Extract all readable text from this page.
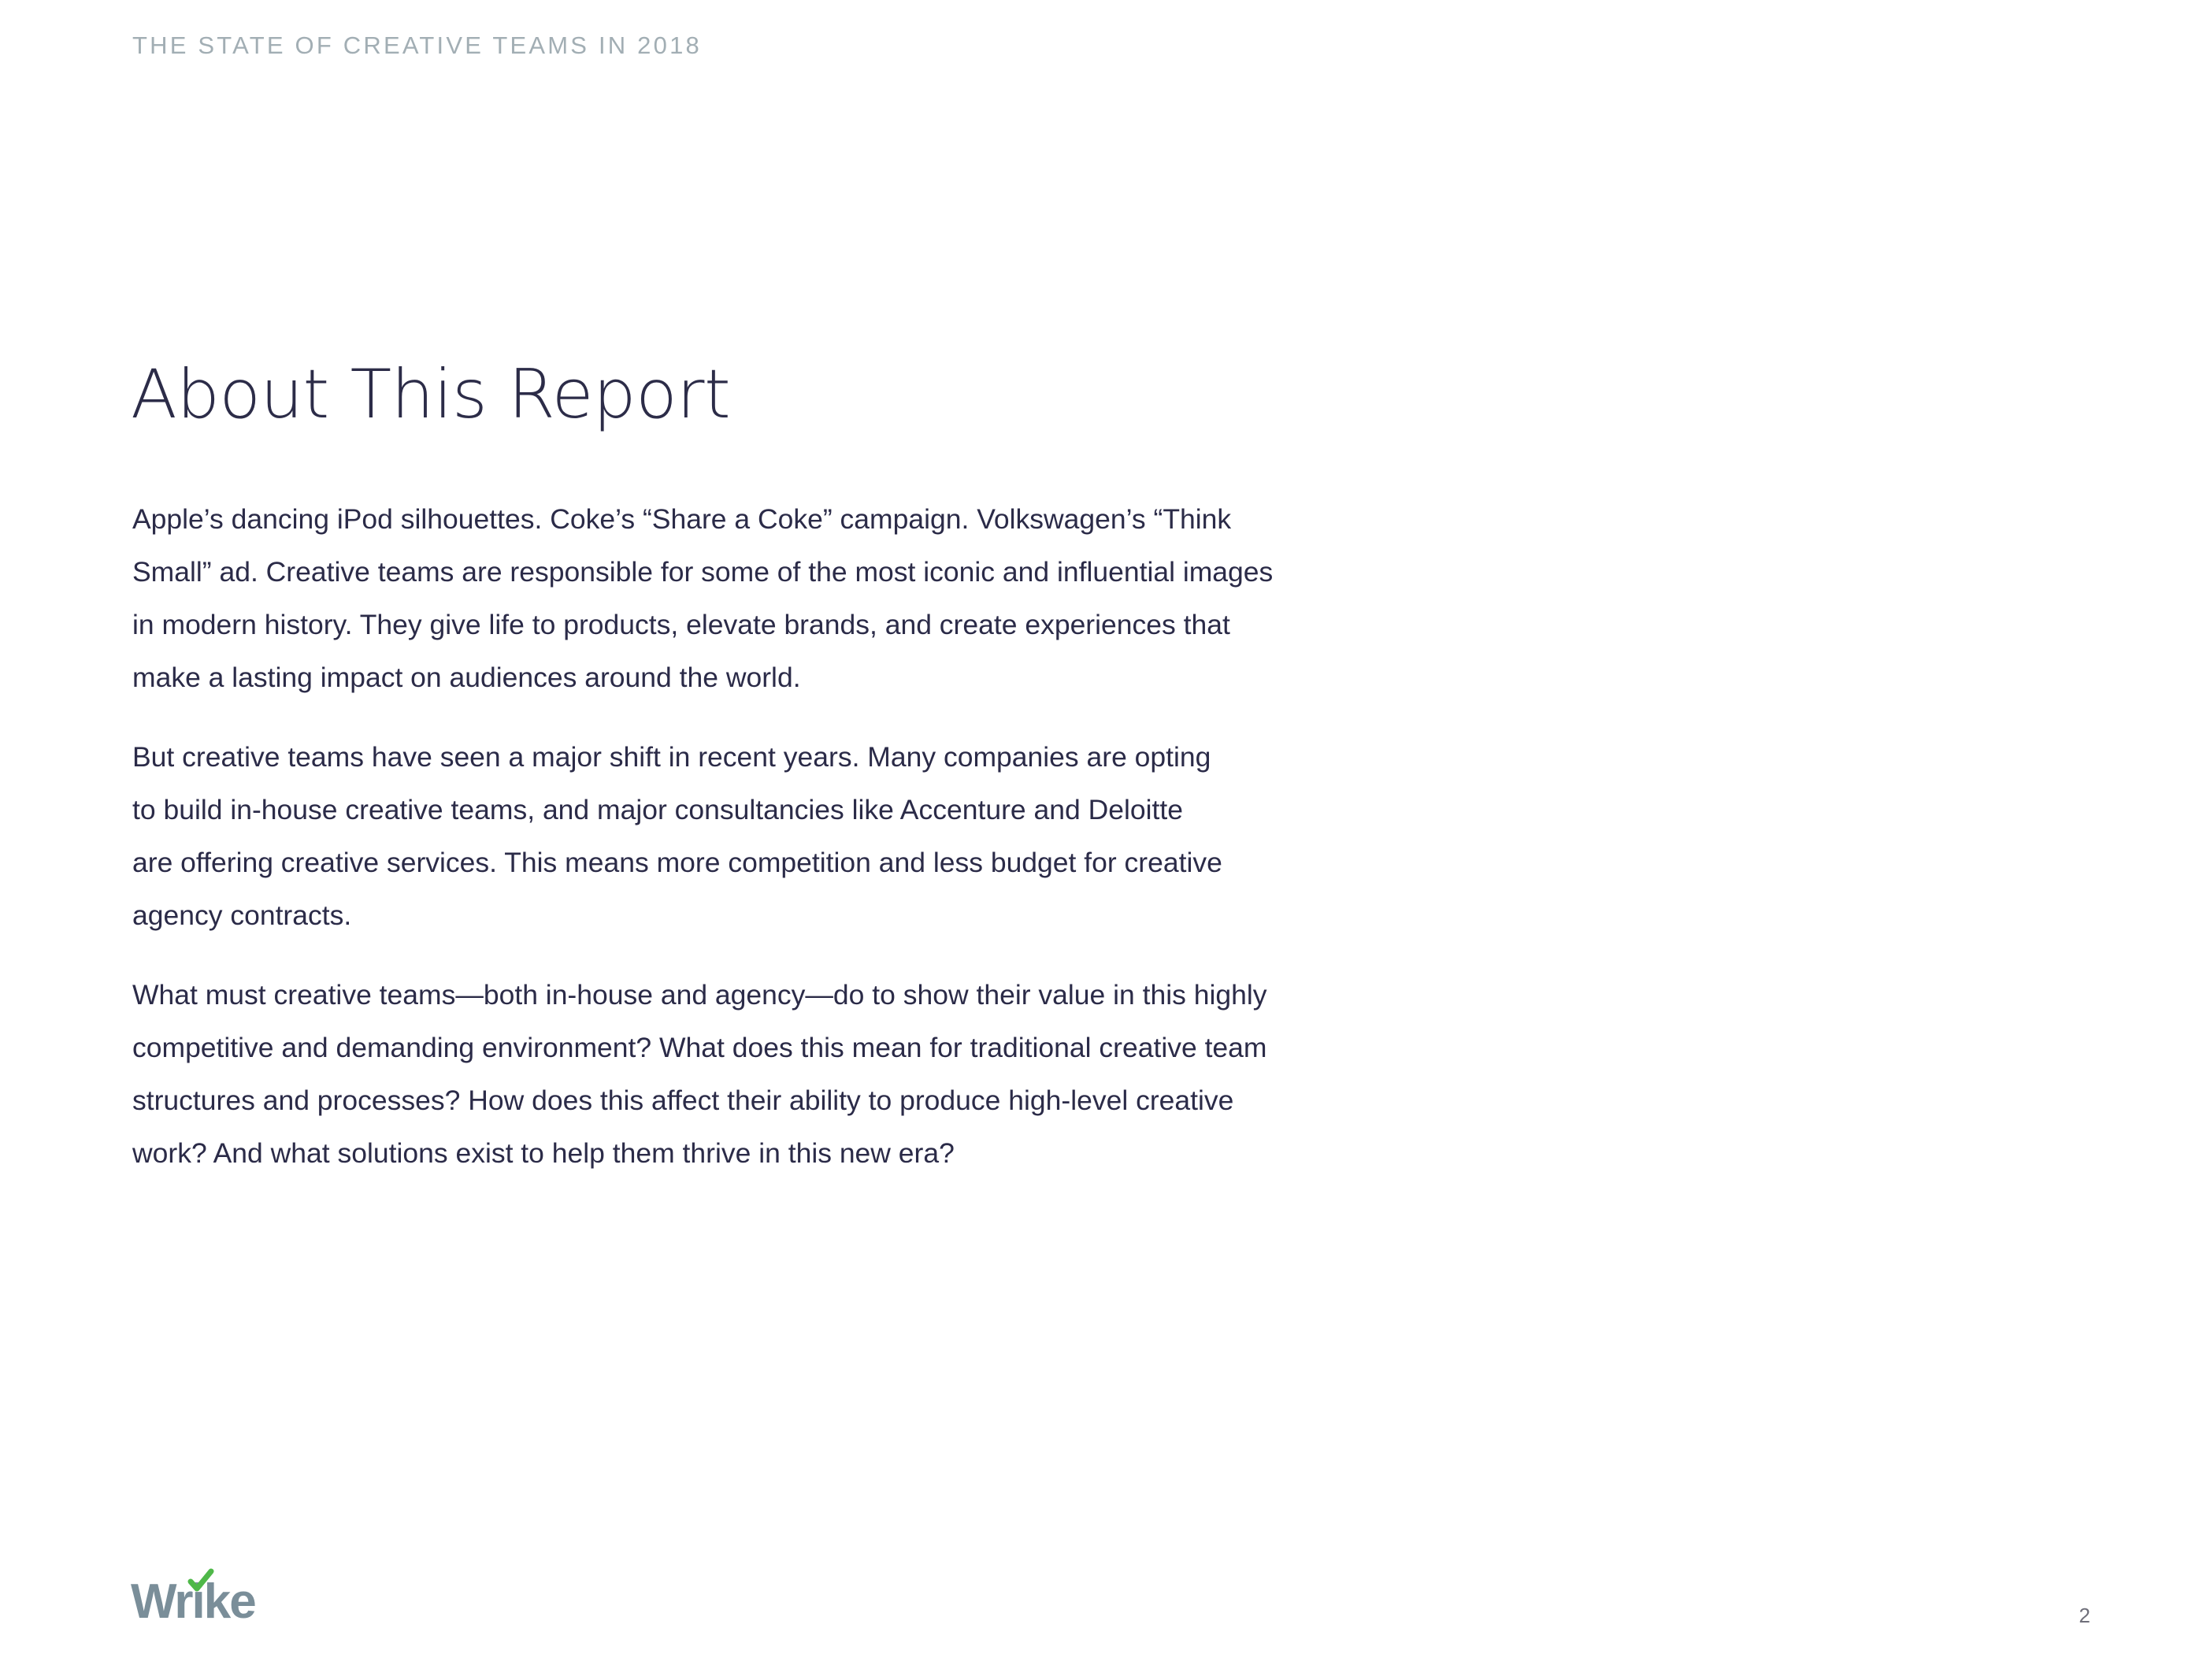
THE STATE OF CREATIVE TEAMS IN 2018
About This Report

Apple’s dancing iPod silhouettes. Coke’s “Share a Coke” campaign. Volkswagen’s “Think
Small” ad. Creative teams are responsible for some of the most iconic and influential images
in modern history. They give life to products, elevate brands, and create experiences that
make a lasting impact on audiences around the world.

But creative teams have seen a major shift in recent years. Many companies are opting
to build in-house creative teams, and major consultancies like Accenture and Deloitte
are offering creative services. This means more competition and less budget for creative
agency contracts.

What must creative teams—both in-house and agency—do to show their value in this highly
competitive and demanding environment? What does this mean for traditional creative team
structures and processes? How does this affect their ability to produce high-level creative
work? And what solutions exist to help them thrive in this new era?

Wrike	2
